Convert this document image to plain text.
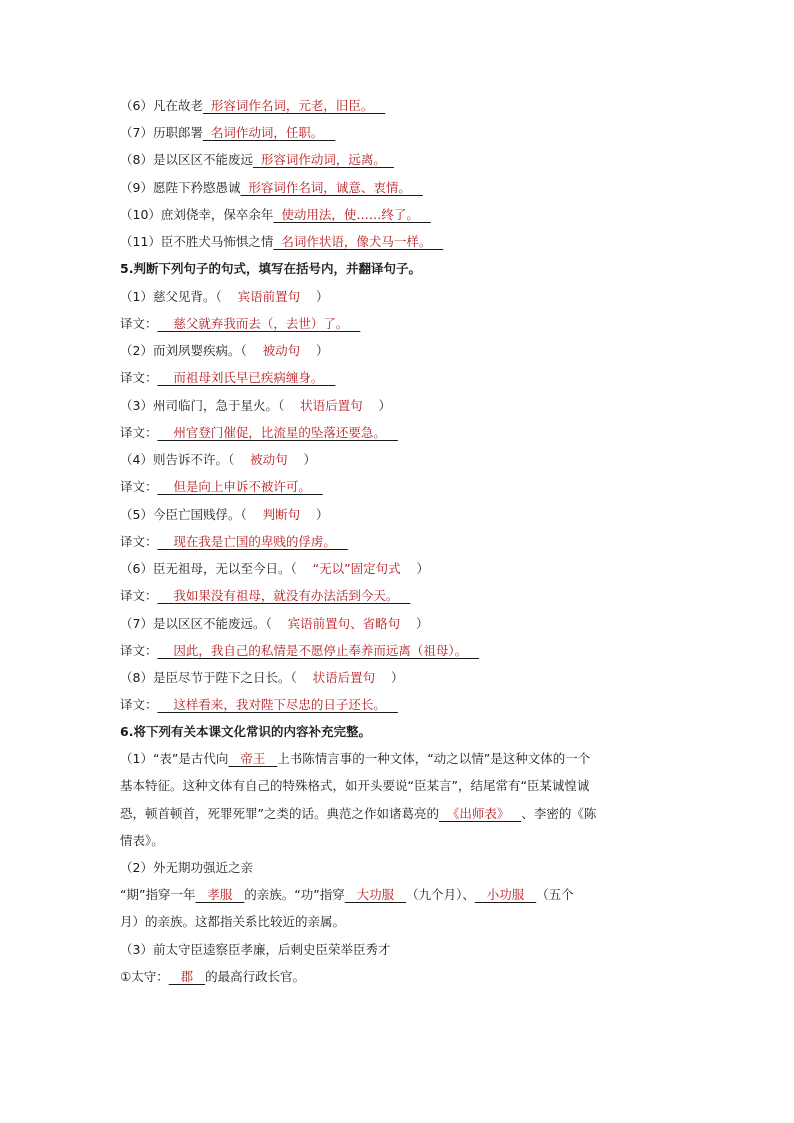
（6）凡在故老  形容词作名词，元老，旧臣。
（7）历职郎署  名词作动词，任职。
（8）是以区区不能废远  形容词作动词，远离。
（9）愿陛下矜愍愚诚  形容词作名词，诚意、衷情。
（10）庶刘侥幸，保卒余年  使动用法，使……终了。
（11）臣不胜犬马怖惧之情  名词作状语，像犬马一样。
5.判断下列句子的句式，填写在括号内，并翻译句子。
（1）慈父见背。（    宾语前置句    ）
译文：    慈父就弃我而去（，去世）了。
（2）而刘夙婴疾病。（    被动句    ）
译文：    而祖母刘氏早已疾病缠身。
（3）州司临门，急于星火。（    状语后置句    ）
译文：    州官登门催促，比流星的坠落还要急。
（4）则告诉不许。（    被动句    ）
译文：    但是向上申诉不被许可。
（5）今臣亡国贱俘。（    判断句    ）
译文：    现在我是亡国的卑贱的俘虏。
（6）臣无祖母，无以至今日。（    “无以”固定句式    ）
译文：    我如果没有祖母，就没有办法活到今天。
（7）是以区区不能废远。（    宾语前置句、省略句    ）
译文：    因此，我自己的私情是不愿停止奉养而远离（祖母）。
（8）是臣尽节于陛下之日长。（    状语后置句    ）
译文：    这样看来，我对陛下尽忠的日子还长。
6.将下列有关本课文化常识的内容补充完整。
（1）“表”是古代向   帝王   上书陈情言事的一种文体，“动之以情”是这种文体的一个
基本特征。这种文体有自己的特殊格式，如开头要说“臣某言”，结尾常有“臣某诚惶诚
恐，顿首顿首，死罪死罪”之类的话。典范之作如诸葛亮的  《出师表》   、李密的《陈
情表》。
（2）外无期功强近之亲
“期”指穿一年   孝服   的亲族。“功”指穿   大功服   （九个月）、   小功服   （五个
月）的亲族。这都指关系比较近的亲属。
（3）前太守臣逵察臣孝廉，后刺史臣荣举臣秀才
①太守：   郡   的最高行政长官。
